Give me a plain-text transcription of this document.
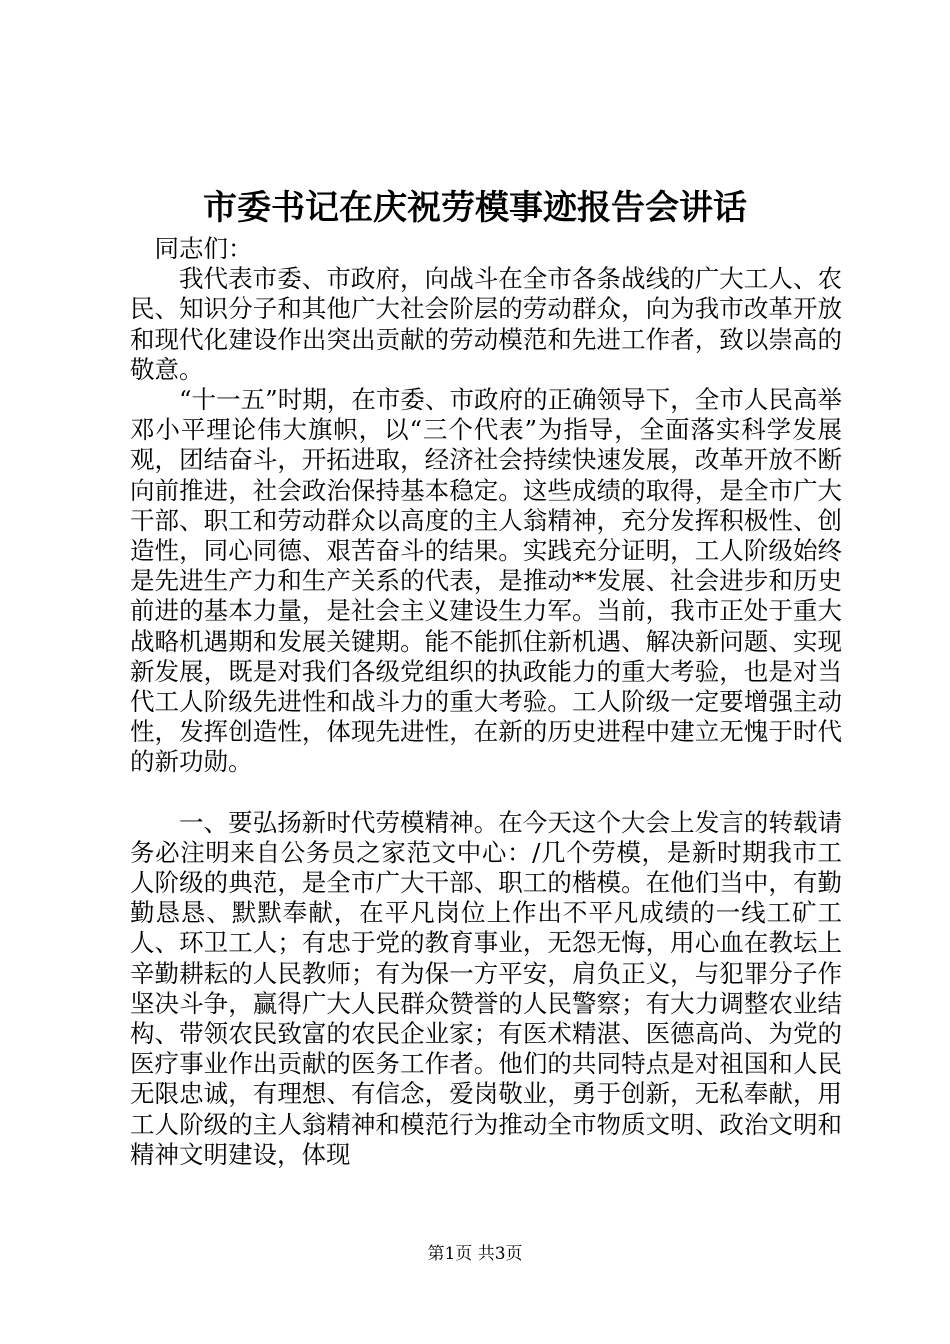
市委书记在庆祝劳模事迹报告会讲话

同志们：

我代表市委、市政府，向战斗在全市各条战线的广大工人、农民、知识分子和其他广大社会阶层的劳动群众，向为我市改革开放和现代化建设作出突出贡献的劳动模范和先进工作者，致以崇高的敬意。

“十一五”时期，在市委、市政府的正确领导下，全市人民高举邓小平理论伟大旗帜，以“三个代表”为指导，全面落实科学发展观，团结奋斗，开拓进取，经济社会持续快速发展，改革开放不断向前推进，社会政治保持基本稳定。这些成绩的取得，是全市广大干部、职工和劳动群众以高度的主人翁精神，充分发挥积极性、创造性，同心同德、艰苦奋斗的结果。实践充分证明，工人阶级始终是先进生产力和生产关系的代表，是推动**发展、社会进步和历史前进的基本力量，是社会主义建设生力军。当前，我市正处于重大战略机遇期和发展关键期。能不能抓住新机遇、解决新问题、实现新发展，既是对我们各级党组织的执政能力的重大考验，也是对当代工人阶级先进性和战斗力的重大考验。工人阶级一定要增强主动性，发挥创造性，体现先进性，在新的历史进程中建立无愧于时代的新功勋。

一、要弘扬新时代劳模精神。在今天这个大会上发言的转载请务必注明来自公务员之家范文中心：/几个劳模，是新时期我市工人阶级的典范，是全市广大干部、职工的楷模。在他们当中，有勤勤恳恳、默默奉献，在平凡岗位上作出不平凡成绩的一线工矿工人、环卫工人；有忠于党的教育事业，无怨无悔，用心血在教坛上辛勤耕耘的人民教师；有为保一方平安，肩负正义，与犯罪分子作坚决斗争，赢得广大人民群众赞誉的人民警察；有大力调整农业结构、带领农民致富的农民企业家；有医术精湛、医德高尚、为党的医疗事业作出贡献的医务工作者。他们的共同特点是对祖国和人民无限忠诚，有理想、有信念，爱岗敬业，勇于创新，无私奉献，用工人阶级的主人翁精神和模范行为推动全市物质文明、政治文明和精神文明建设，体现

第1页 共3页
